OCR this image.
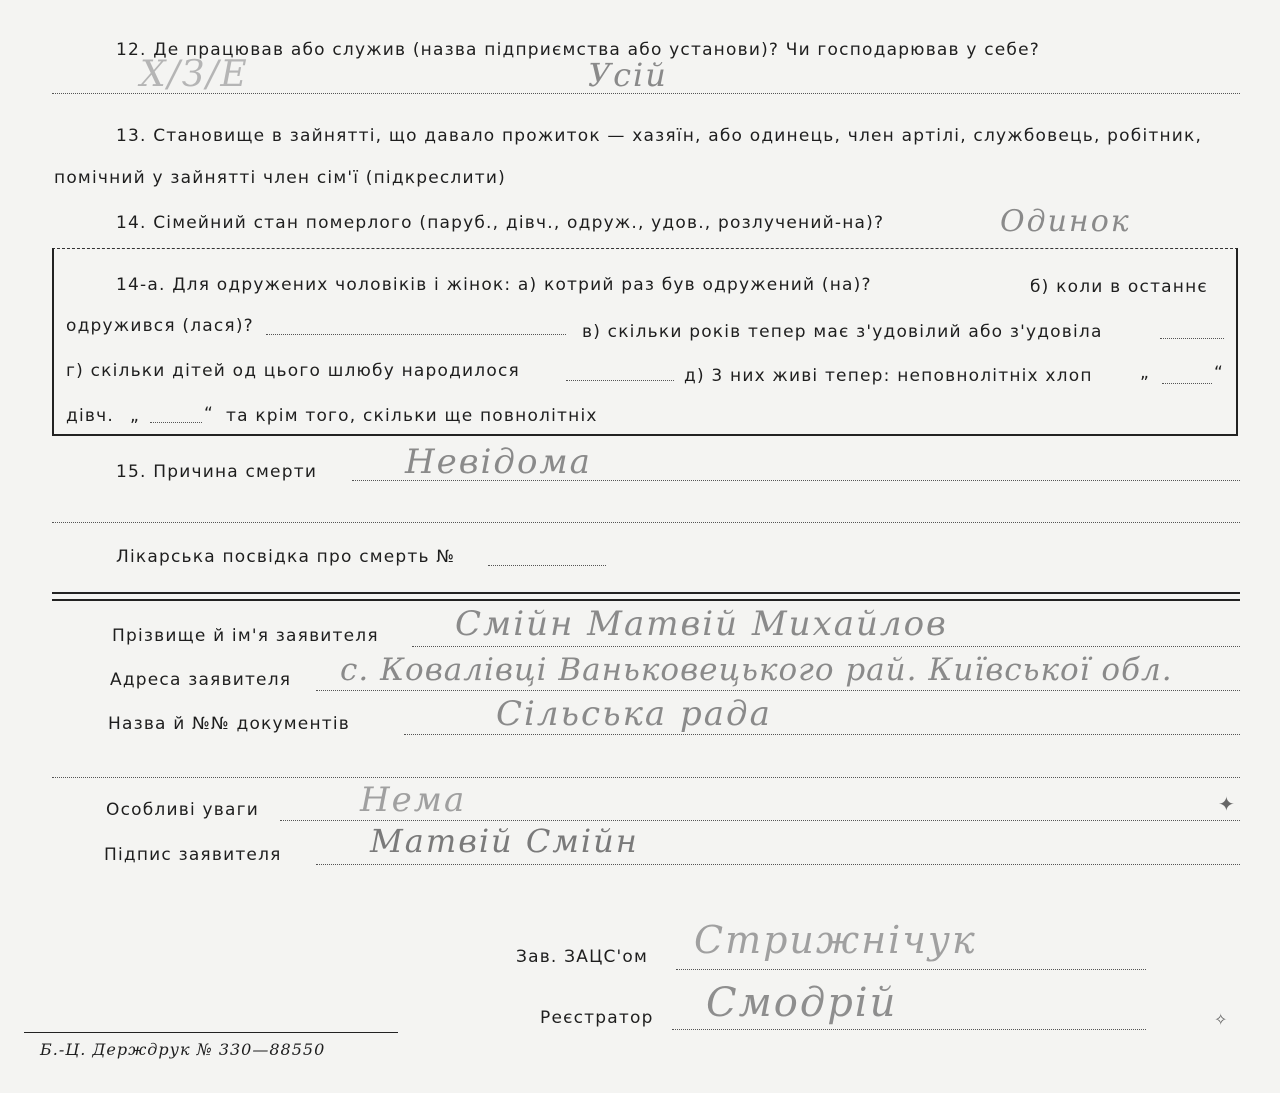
12. Де працював або служив (назва підприємства або установи)? Чи господарював у себе?
Х/З/Е	Усій
13. Становище в зайнятті, що давало прожиток — хазяїн, або одинець, член артілі, службовець, робітник,
помічний у зайнятті член сім'ї (підкреслити)
14. Сімейний стан померлого (паруб., дівч., одруж., удов., розлучений-на)?	Одинок
14-а. Для одружених чоловіків і жінок: а) котрий раз був одружений (на)?	б) коли в останнє
одружився (лася)?	в) скільки років тепер має з'удовілий або з'удовіла
г) скільки дітей од цього шлюбу народилося	д) 3 них живі тепер: неповнолітніх хлоп	„	“
дівч. „	“ та крім того, скільки ще повнолітніх
15. Причина смерти	Невідома
Лікарська посвідка про смерть №
Прізвище й ім'я заявителя Смійн Матвій Михайлов
Адреса заявителя с. Ковалівці Ваньковецького рай. Київської обл.
Назва й №№ документів	Сільська рада
Особливі уваги	Нема
Підпис заявителя	Матвій Смійн
Зав. ЗАЦС'ом Стрижнічук
Реєстратор Смодрій
Б.-Ц. Держдрук № 330—88550
✦
✧
